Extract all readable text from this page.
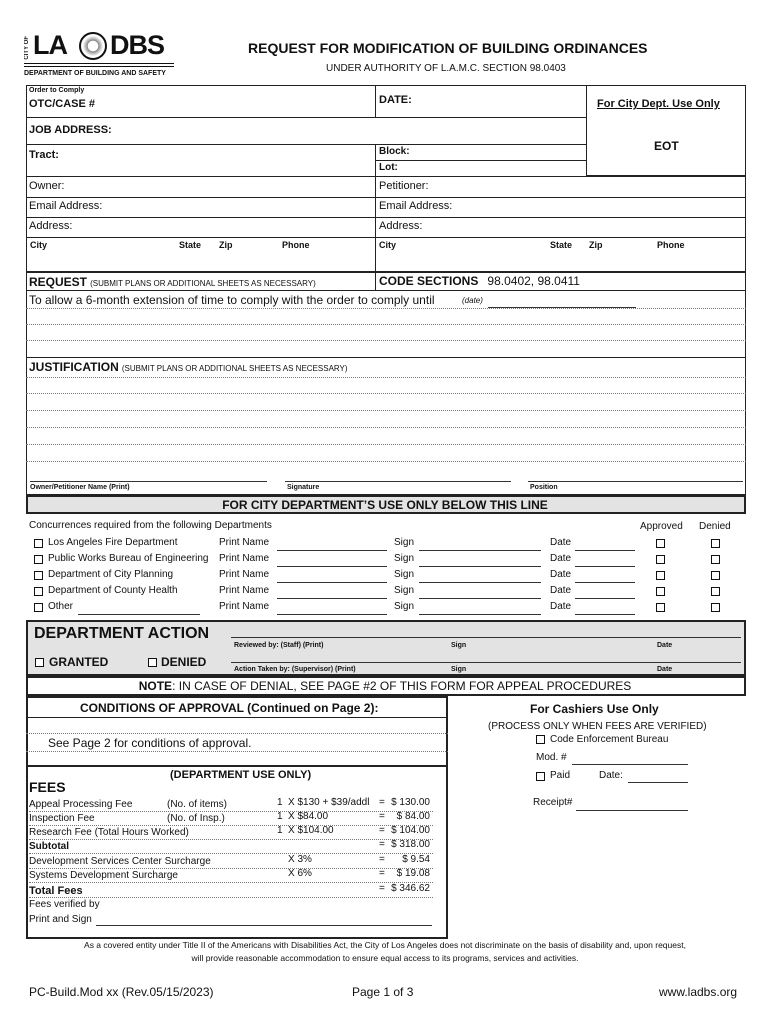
CITY OF LA DBS
DEPARTMENT OF BUILDING AND SAFETY
REQUEST FOR MODIFICATION OF BUILDING ORDINANCES
UNDER AUTHORITY OF L.A.M.C. SECTION 98.0403
Order to Comply
OTC/CASE #	DATE:	For City Dept. Use Only
EOT
JOB ADDRESS:
Tract:	Block:
Lot:
Owner:	Petitioner:
Email Address:	Email Address:
Address:	Address:
City	State Zip	Phone	City	State Zip	Phone
REQUEST (SUBMIT PLANS OR ADDITIONAL SHEETS AS NECESSARY)	CODE SECTIONS 98.0402, 98.0411
To allow a 6-month extension of time to comply with the order to comply until	(date)
JUSTIFICATION (SUBMIT PLANS OR ADDITIONAL SHEETS AS NECESSARY)
Owner/Petitioner Name (Print)	Signature	Position
FOR CITY DEPARTMENT’S USE ONLY BELOW THIS LINE
Concurrences required from the following Departments	Approved Denied
Los Angeles Fire Department	Print Name	Sign	Date
Public Works Bureau of Engineering Print Name	Sign	Date
Department of City Planning	Print Name	Sign	Date
Department of County Health	Print Name	Sign	Date
Other	Print Name	Sign	Date
DEPARTMENT ACTION
GRANTED	DENIED
Reviewed by: (Staff) (Print)	Sign	Date
Action Taken by: (Supervisor) (Print)	Sign	Date
NOTE: IN CASE OF DENIAL, SEE PAGE #2 OF THIS FORM FOR APPEAL PROCEDURES
CONDITIONS OF APPROVAL (Continued on Page 2):
See Page 2 for conditions of approval.
FEES
(DEPARTMENT USE ONLY)
Appeal Processing Fee	(No. of items)	1 X $130 + $39/addl = $ 130.00
Inspection Fee	(No. of Insp.)	1 X $84.00	=	$ 84.00
Research Fee (Total Hours Worked)	1 X $104.00	= $ 104.00
Subtotal	= $ 318.00
Development Services Center Surcharge	X 3%	=	$ 9.54
Systems Development Surcharge	X 6%	=	$ 19.08
Total Fees	= $ 346.62
Fees verified by
Print and Sign
For Cashiers Use Only
(PROCESS ONLY WHEN FEES ARE VERIFIED)
Code Enforcement Bureau
Mod. #
Paid	Date:
Receipt#
As a covered entity under Title II of the Americans with Disabilities Act, the City of Los Angeles does not discriminate on the basis of disability and, upon request,
will provide reasonable accommodation to ensure equal access to its programs, services and activities.
PC-Build.Mod xx (Rev.05/15/2023)	Page 1 of 3	www.ladbs.org
